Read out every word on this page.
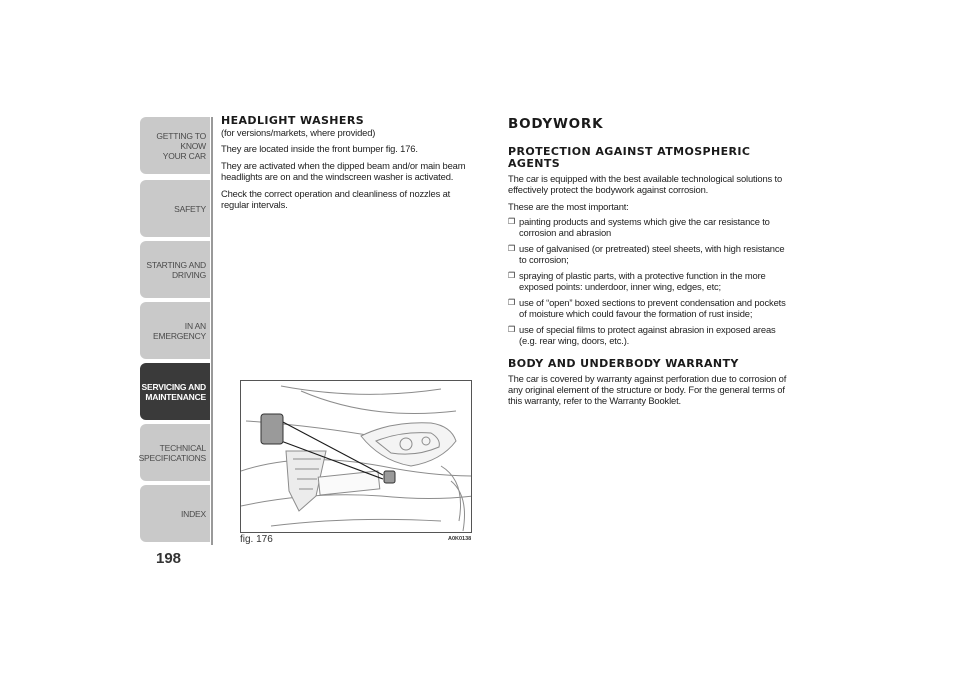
GETTING TO KNOW
YOUR CAR
SAFETY
STARTING AND
DRIVING
IN AN EMERGENCY
SERVICING AND
MAINTENANCE
TECHNICAL
SPECIFICATIONS
INDEX
198
HEADLIGHT WASHERS

(for versions/markets, where provided)

They are located inside the front bumper fig. 176.

They are activated when the dipped beam and/or main beam headlights are on and the windscreen washer is activated.

Check the correct operation and cleanliness of nozzles at regular intervals.

fig. 176	A0K0138
BODYWORK
PROTECTION AGAINST ATMOSPHERIC AGENTS

The car is equipped with the best available technological solutions to effectively protect the bodywork against corrosion.

These are the most important:

❒ painting products and systems which give the car resistance to corrosion and abrasion
❒ use of galvanised (or pretreated) steel sheets, with high resistance to corrosion;
❒ spraying of plastic parts, with a protective function in the more exposed points: underdoor, inner wing, edges, etc;
❒ use of “open” boxed sections to prevent condensation and pockets of moisture which could favour the formation of rust inside;
❒ use of special films to protect against abrasion in exposed areas (e.g. rear wing, doors, etc.).
BODY AND UNDERBODY WARRANTY

The car is covered by warranty against perforation due to corrosion of any original element of the structure or body. For the general terms of this warranty, refer to the Warranty Booklet.
